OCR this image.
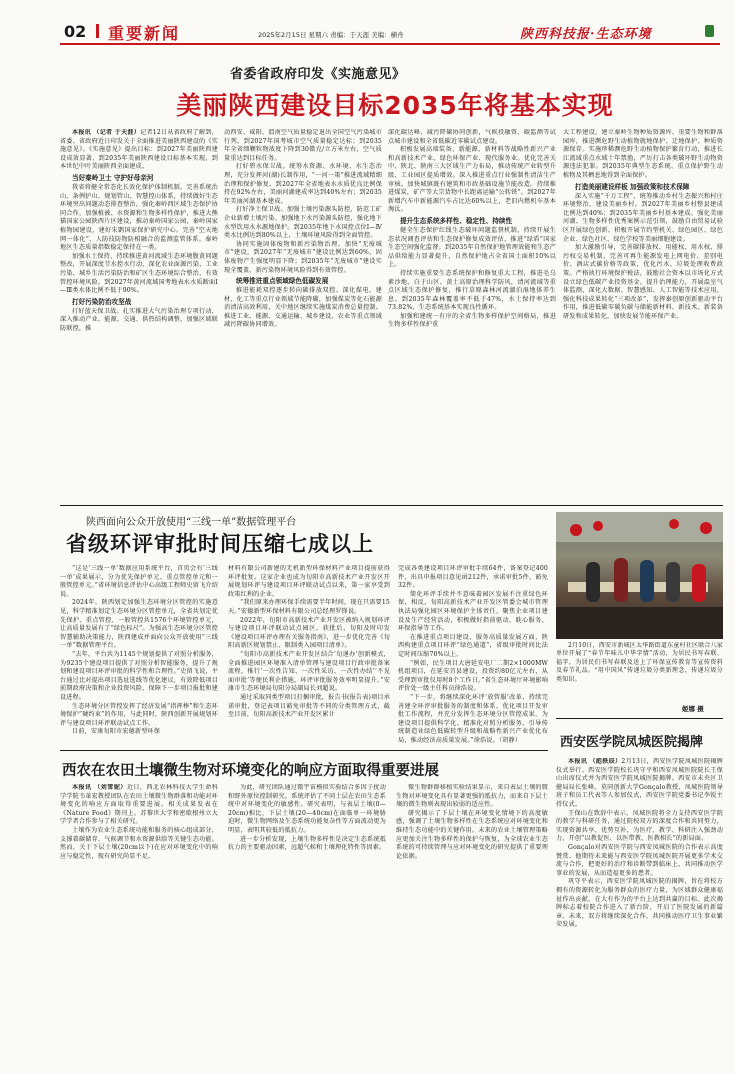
02 重要新闻	2025年2月15日 星期六 责编：于天涯 美编：横舟	陕西科技报·生态环境
省委省政府印发《实施意见》
美丽陕西建设目标2035年将基本实现

本报讯 （记者 于天涯）记者12日从省政府了解到，省委、省政府近日印发关于全面推进美丽陕西建设的《实施意见》。《实施意见》提出目标：到2027年美丽陕西建设成效显著，到2035年美丽陕西建设目标基本实现，到本世纪中叶美丽陕西全面建成。

当好秦岭卫士 守护好母亲河

我省将健全常态化长效化保护体制机制，完善系统治山、条例护山、规划管山、智慧控山体系，持续做好生态环境突出问题动态排查整治，强化秦岭西区域生态保护协同合作，加强植被、水资源和生物多样性保护，推进大熊猫国家公园陕西片区建设，推动秦岭国家公园，秦岭国家植物园建设，建好朱鹮国家保护研究中心。完善“空天地网一体化”、人防技防物防相融合的监测监管体系。秦岭地区生态质量指数稳定保持在一类。

加强水土保持，持续推进黄河流域生态环境腹黄问题整改，开展深度节水控水行动，深化农业面源污染、工业污染、城乡生活污染防治和矿区生态环境综合整治，有效管控环境风险。到2027年黄河流域国考地表水水质断面Ⅰ—Ⅲ类水体比例不低于90%。

打好污染防治攻坚战

打好蓝天保卫战。扎实推进大气污染治理专项行动，深入推动产业、能源、交通、供热结构调整，加强区域联防联控，推

动西安、咸阳、渭南空气质量稳定退出全国空气污染城市行列。到2027年国考城市空气质量稳定达标；到2035年全省细颗粒物浓度下降到30微克/立方米左右，空气质量重达到目标任务。

打好碧水保卫战。统筹水资源、水环境、水生态治理，充分发挥河(湖)长制作用，“一河一策”推进流域精细治理和保护修复。到2027年全省地表水水质优良比例保持在92%左右，美丽河湖建成率达到40%左右；到2035年美丽河湖基本建成。

打好净土保卫战。加强土壤污染源头防控，防范工矿企业新增土壤污染。加强地下水污染源头防控，强化地下水型饮用水水源地保护。到2035年地下水国控点位Ⅰ—Ⅳ类水比例达到80%以上，土壤环境风险得到全面管控。

协同实施固体废物和新污染物治理。加快“无废城市”建设，到2027年“无废城市”建设比例达到60%，固体废物产生强度明显下降；到2035年“无废城市”建设实现全覆盖，新污染物环境风险得到有效管控。

统筹推进重点领域绿色低碳发展

推进能耗双控逐步转向碳排放双控。深化煤电、建材、化工等重点行业领域节能降碳，加强煤炭等化石能源消清洁高效利用，关中地区继续实施煤炭消费总量控制。推进工业、能源、交通运输、城乡建设、农业等重点领域减污降碳协同增效。

深化碳达峰，减污降碳协同创新，气候投融资、碳监测等试点城市建设和全省低碳近零碳试点建设。

积极发展高端装备、新能源、新材料等战略性新兴产业和高新技术产业，绿色环保产业、现代服务业。优化完善关中、陕北、陕南三大区域生产力布局，推动传统产业转型升级、工业园区提质增效。深入推进重点行业强制性清洁生产审核。加快城镇既有建筑和市政基础设施节能改造。持续推进煤炭，矿产等大宗货物中长距离运输“公转铁”。到2027年新增汽车中新能源汽车占比达60%以上，老旧内燃机车基本淘汰。

提升生态系统多样性、稳定性、持续性

健全生态保护红线生态破坏问题监督机制，持续开展生态状况调查评估和生态保护修复成效评估，推进“绿盾”国家生态空间强化监督。到2035年自然保护地管理效能和生态产品供给能力显著提升，自然保护地占全省国土面积10%以上。

持续实施重要生态系统保护和修复重大工程，推进毛乌素沙地、白于山区、黄土高原治理科学防风，清河流域等重点区域生态保护修复，推行草原森林河流湖泊湿地体养生息。到2035年森林覆盖率不低于47%，水土保持率达到73.82%，生态系统基本实现良性循环。

加强和建统一有序的全省生物多样保护空间格局，推进生物多样性保护重

大工程建设。建立秦岭生物种质资源库、重要生物和群落园库，推进濒危野生动植物就地保护、迁地保护、种质资源保存。实施珍稀濒危野生动植物保护繁育行动，推进长江流域重点水域十年禁渔，严厉打击各类破坏野生动物资源违法犯罪。到2035年典型生态系统、重点保护野生动植物及其栖息地得到全面保护。

打造美丽建设样板 加强政策和技术保障

深入实施“千万工程”，统筹推动乡村生态振兴和村庄环境整治，建设美丽乡村。到2027年美丽乡村整县建成比例达到40%；到2035年美丽乡村基本建成。强化美丽河湖、生物多样性优秀案例示范引领，鼓励自由贸易试验区开展绿色创新。积极开展节约型机关、绿色园区、绿色企业、绿色社区、绿色学校等美丽细胞建设。

加大激励引导，完善碳排放权、用能权、用水权、排污权交易机制，完善可再生能源发电上网电价、差别电价、酒店式碳价格等政策，优化污水、垃圾处理收费政策。严格执行环境保护税法，鼓励社会资本以市场化方式设立绿色低碳产业投资基金，提升治理能力，开展温室气体监测，深化大数据、智慧感知、人工智能等技术应用，强化科技成果转化“三项改革”，发挥秦创原创新驱动平台作用，推进低碳零碳负碳与储能新材料、新技术、新装备研发和成果转化，加快发展节能环保产业。

陕西面向公众开放使用“三线一单”数据管理平台
省级环评审批时间压缩七成以上

“这是‘三线一单’数据应用系统平台，首页会有‘三线一单’成果展示，分为优先保护单元、重点管控单元和一般管控单元。”省环境信息评估中心高级工程师史留飞介绍说。

2024年，陕西划定加强生态环境分区管控的实施意见，科学精准划定生态环境分区管控单元，全省共划定优先保护、重点管控、一般管控共1576个环境管控单元，让高质量发展有了“绿色标尺”。为强高生态环境分区管控智慧辅助决策能力，陕西建成并面向公众开放使用“三线一单”数据管理平台。

“去年，平台共为1145个规划提供了对照分析服务，为9235个建设项目提供了对照分析智能服务，提升了规划和建设项目环评审批的科学性和合理性。”史留飞说，平台通过比对提出项目选址选线等优化建议，有效降低项目前期政府决策和企业投资风险，保障下一步项目报批和建设进程。

生态环境分区管控发挥了经济发展“指挥棒”和生态环境保护“硬约束”的作用，与此同时，陕西创新开展规划环评与建设项目环评联动试点工作。

目前，安康旬阳市宏德新型环保

材料有限公司新建的无机新型环保材料产业项目提前获得环评批复。这家企业也成为旬阳市高新技术产业开发区开展规划环评与建设项目环评联动试点以来，第一家享受到政策红利的企业。

“我们原来办理环保手续需要半年时间，现在只需要15天。”宏德新型环保材料有限公司总经理罗锋说。

2022年，旬阳市高新技术产业开发区被纳入规划环评与建设项目环评联动试点园区。获批后，旬阳及时印发《建设项目环评办理有关服务指南》，进一步优化完善《旬阳高新区规划禁止、限制类入园项目清单》。

“旬阳市高新技术产业开发区结合‘旬递办’创新模式，全面推进园区环境准入清单管理与建设项目行政审批备案流程，推行‘一次性告知、一次性采访、一次性办结’‘不见面审批’等便民利企措施，环评审批服务效率明显提升。”安康市生态环境局旬阳分局副局长刘超说。

通过采取同类型项目打捆审批，报告书(报告表)项目承诺审批，登记表项目豁免审批等不同的分类管理方式，截至目前，旬阳高新技术产业开发区累计

完成各类建设项目环评审批手续64件，备案登记400件，出具申报项目意见函212件，承诺审批5件，豁免32件。

简化环评手续并不意味着园区发展不注重绿色环保，相反，旬阳高新技术产业开发区管委会城市管理执法局强化园区环境保护主体责任，聚焦企业项目建设及生产经营活动，积极做好指前驱动、耽心服务、环保指导等工作。

在推进重点项目建设、服务高质量发展方面，陕西构建重点项目环评“绿色通道”，省级审批时间比法定时间压缩70%以上。

“例如，民生项目大唐延安电厂二期2×1000MW机组项目，在延安首县建设，投资约80亿元左右，从受理到审批仅用时8个工作日。”省生态环境厅环境影响评价处一级主任科员徐浩说。

“下一步，将继续深化环评‘放管服’改革，持续完善建全环评审批服务的制度和体系，优化项目开发审批工作流程，并充分发挥生态环境分区管控成果，为建设项目提供科学化、精准化对照分析服务，引导传统制造业绿色低碳转型升级和战略性新兴产业优化布局，推动经济高质量发展。”徐浩说。（胡静）

2月10日，西安市新城区太华路街道东童村社区联合八家单位开展了“春节年味儿中华字情”活动，为居民书写春联、福字，为居民们书写春联及送上了环保宣传教育等宣传资料及春节礼品，“用中国风”传递垃圾分类新理念，传递垃圾分类知识。

姬娜 摄
西安医学院凤城医院揭牌

本报讯 （彪轶辰）2月13日，西安医学院凤城医院揭牌仪式举行。西安医学院校长巩守平和西安凤城医院院长王保山出席仪式并为西安医学院凤城医院揭牌。西安市未央区卫健局局长张峰、莫同创新大学Gonçalo教授、凤城医院领导班子和员工代表等人参加仪式，西安医学院党委书记李锐主持仪式。

王保山在致辞中表示，凤城医院将全力支持西安医学院的教学与科研任务，通过院校双方的深度合作和共同努力，实现资源共享、优势互补，为医疗、教学、科研注入强劲动力，开创“以教促医、以医带教、医教相长”的新局面。

Gonçalo对西安医学院与西安凤城医院的合作表示高度赞赏。他期待未来能与西安医学院凤城医院开展更多学术交流与合作，把更好的治疗和诊断带到临床上，共同推动医学事业的发展，从而造福更多的患者。

巩守平表示，西安医学院凤城医院的揭牌，旨在将校方拥有的资源转化为服务群众的医疗力量，为区域群众健康福祉作出贡献。在大有作为的平台上达到共赢的目标。此次揭牌标志着校院合作进入了新台阶，开启了医院发展的新篇章。未来，双方将继续深化合作，共同推动医疗卫生事业繁荣发展。

西农在农田土壤微生物对环境变化的响应方面取得重要进展

本报讯 （刘雪妮）近日，西北农林科技大学生命科学学院韦革宏教授团队在农田土壤微生物群落和功能对环境变化的响应方面取得重要进展。相关成果发表在《Nature Food》期刊上。苏黎世大学和密歇根州立大学学者合作参与了相关研究。

土壤作为农业生态系统功能和服务的核心组成部分，支撑着碳储存、气候调节和水资源供给等关键生态功能。然而，关于下层土壤(20cm以下)在应对环境变化中的响应与稳定性，现有研究尚显不足。

为此，研究团队通过微宇宙模拟实验结合多因子扰动和野外原位控制研究，系统评估了不同土层在农田生态系统中对环境变化的敏感性。研究表明，与表层土壤(0—20cm)相比，下层土壤(20—40cm)在面临单一环境胁迫时，微生物网络及生态系统功能复杂性等方面波动更为明显，表明其较低的抵抗力。

进一步分析发现，上壤生物多样性是决定生态系统抵抗力的主要驱动因素，远超气候和土壤理化特性等因素。

微生物群群移植实验结果显示，来自表层土壤的微生物对环境变化具有显著更强的抵抗力，而来自下层土壤的微生物则表现出较弱的适应性。

研究揭示了下层土壤在环境变化情境下的高度敏感，强调了土壤生物多样性在生态系统应对环境变化和维持生态功能中的关键作用。未来的农业土壤管理策略应更加关注生物多样性的保护与恢复，为全球农业生态系统的可持续管理与应对环境变化的研究提供了重要理论依据。
